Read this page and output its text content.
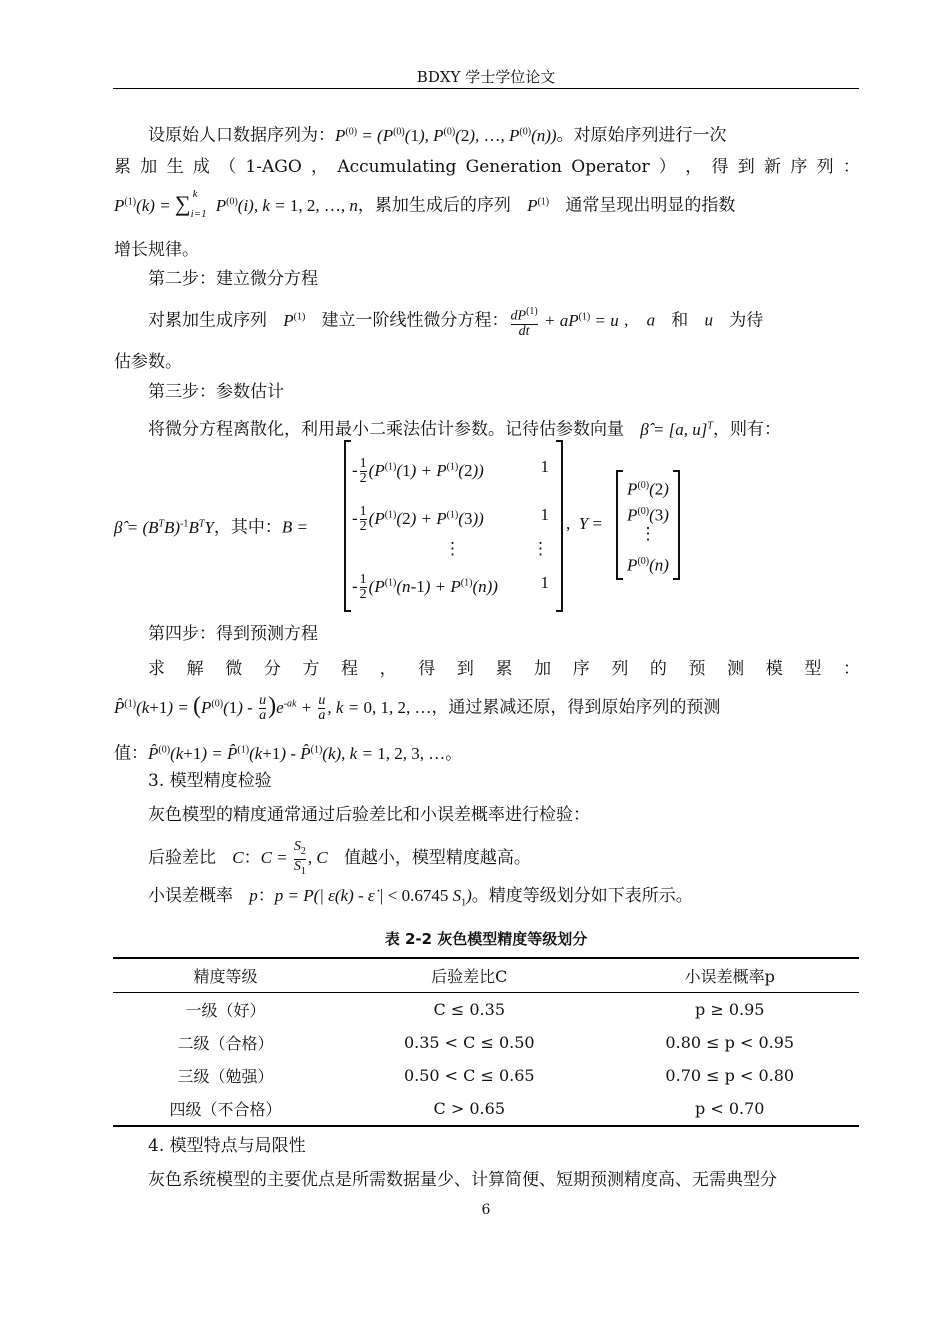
BDXY 学士学位论文
设原始人口数据序列为：$P^{(0)} = (P^{(0)}(1)$, $P^{(0)}(2)$, …, $P^{(0)}(n)$)。对原始序列进行一次
累 加 生 成 （ 1-AGO ， Accumulating Generation Operator ） ， 得 到 新 序 列 ：
$P^{(1)}(k) = \sum_{i=1}^k$ $P^{(0)}(i)$, k = 1, 2, …, n，累加生成后的序列 $P^{(1)}$ 通常呈现出明显的指数
增长规律。
第二步：建立微分方程
对累加生成序列 $P^{(1)}$ 建立一阶线性微分方程： $\frac{dP^{(1)}}{dt} + aP^{(1)} = u$ ,    a 和 u 为待
估参数。
第三步：参数估计
将微分方程离散化，利用最小二乘法估计参数。记待估参数向量 β̂ = [a, u]$^T$，则有：
β̂ = $(B^TB)^{-1}B^TY$，其中：B =
- $\frac{1}{2} (P^{(1)}(1) + P^{(1)}(2))$	1
- $\frac{1}{2} (P^{(1)}(2) + P^{(1)}(3))$	1
⋮	⋮
- $\frac{1}{2} (P^{(1)}(n-1) + P^{(1)}(n))$	1
,  Y =
$P^{(0)}(2)$
$P^{(0)}(3)$
⋮
$P^{(0)}(n)$
第四步：得到预测方程
求 解 微 分 方 程 ， 得 到 累 加 序 列 的 预 测 模 型 ：
P̂$^{(1)}$(k+1) = $(P^{(0)}(1) - \frac{u}{a} )e^{-ak} + \frac{u}{a}$ , k = 0, 1, 2, …，通过累减还原，得到原始序列的预测
值：P̂$^{(0)}$(k+1) = P̂$^{(1)}$(k+1) - P̂$^{(1)}$(k), k = 1, 2, 3, …。
3. 模型精度检验
灰色模型的精度通常通过后验差比和小误差概率进行检验：
后验差比 C：$C = \frac{S_2}{S_1}$ , C 值越小，模型精度越高。
小误差概率 p：p = P(| ε(k) - ε̇ | < 0.6745 $S_1$)。精度等级划分如下表所示。
表 2-2 灰色模型精度等级划分
精度等级	后验差比C	小误差概率p
一级（好）	C ≤ 0.35	p ≥ 0.95
二级（合格）	0.35 < C ≤ 0.50	0.80 ≤ p < 0.95
三级（勉强）	0.50 < C ≤ 0.65	0.70 ≤ p < 0.80
四级（不合格）	C > 0.65	p < 0.70
4. 模型特点与局限性
灰色系统模型的主要优点是所需数据量少、计算简便、短期预测精度高、无需典型分
6
